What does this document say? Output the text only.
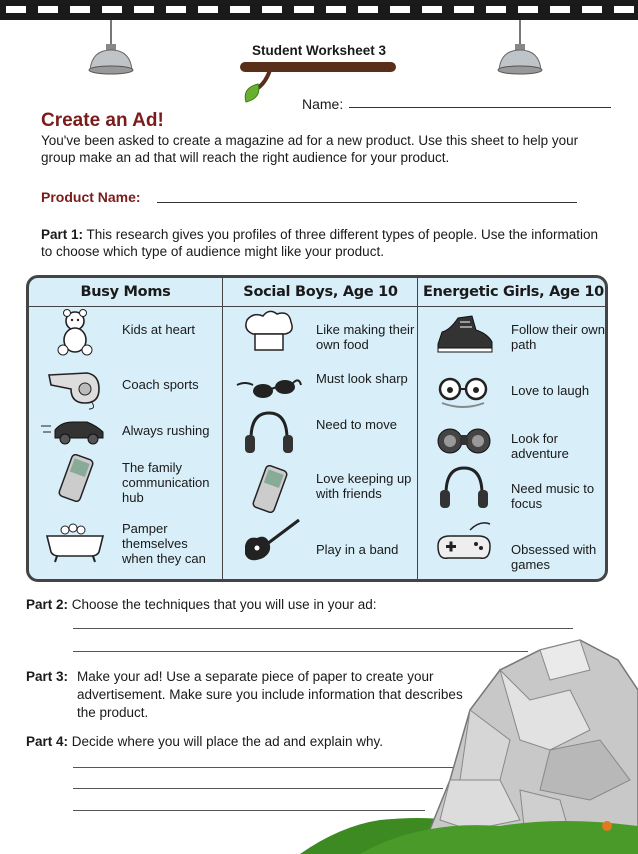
Student Worksheet 3
Name:
Create an Ad!
You've been asked to create a magazine ad for a new product. Use this sheet to help your group make an ad that will reach the right audience for your product.
Product Name:
Part 1: This research gives you profiles of three different types of people. Use the information to choose which type of audience might like your product.
Busy Moms
Kids at heart
Coach sports
Always rushing
The family communication hub
Pamper themselves when they can
Social Boys, Age 10
Like making their own food
Must look sharp
Need to move
Love keeping up with friends
Play in a band
Energetic Girls, Age 10
Follow their own path
Love to laugh
Look for adventure
Need music to focus
Obsessed with games
Part 2: Choose the techniques that you will use in your ad:
Part 3: Make your ad! Use a separate piece of paper to create your advertisement. Make sure you include information that describes the product.
Part 4: Decide where you will place the ad and explain why.
